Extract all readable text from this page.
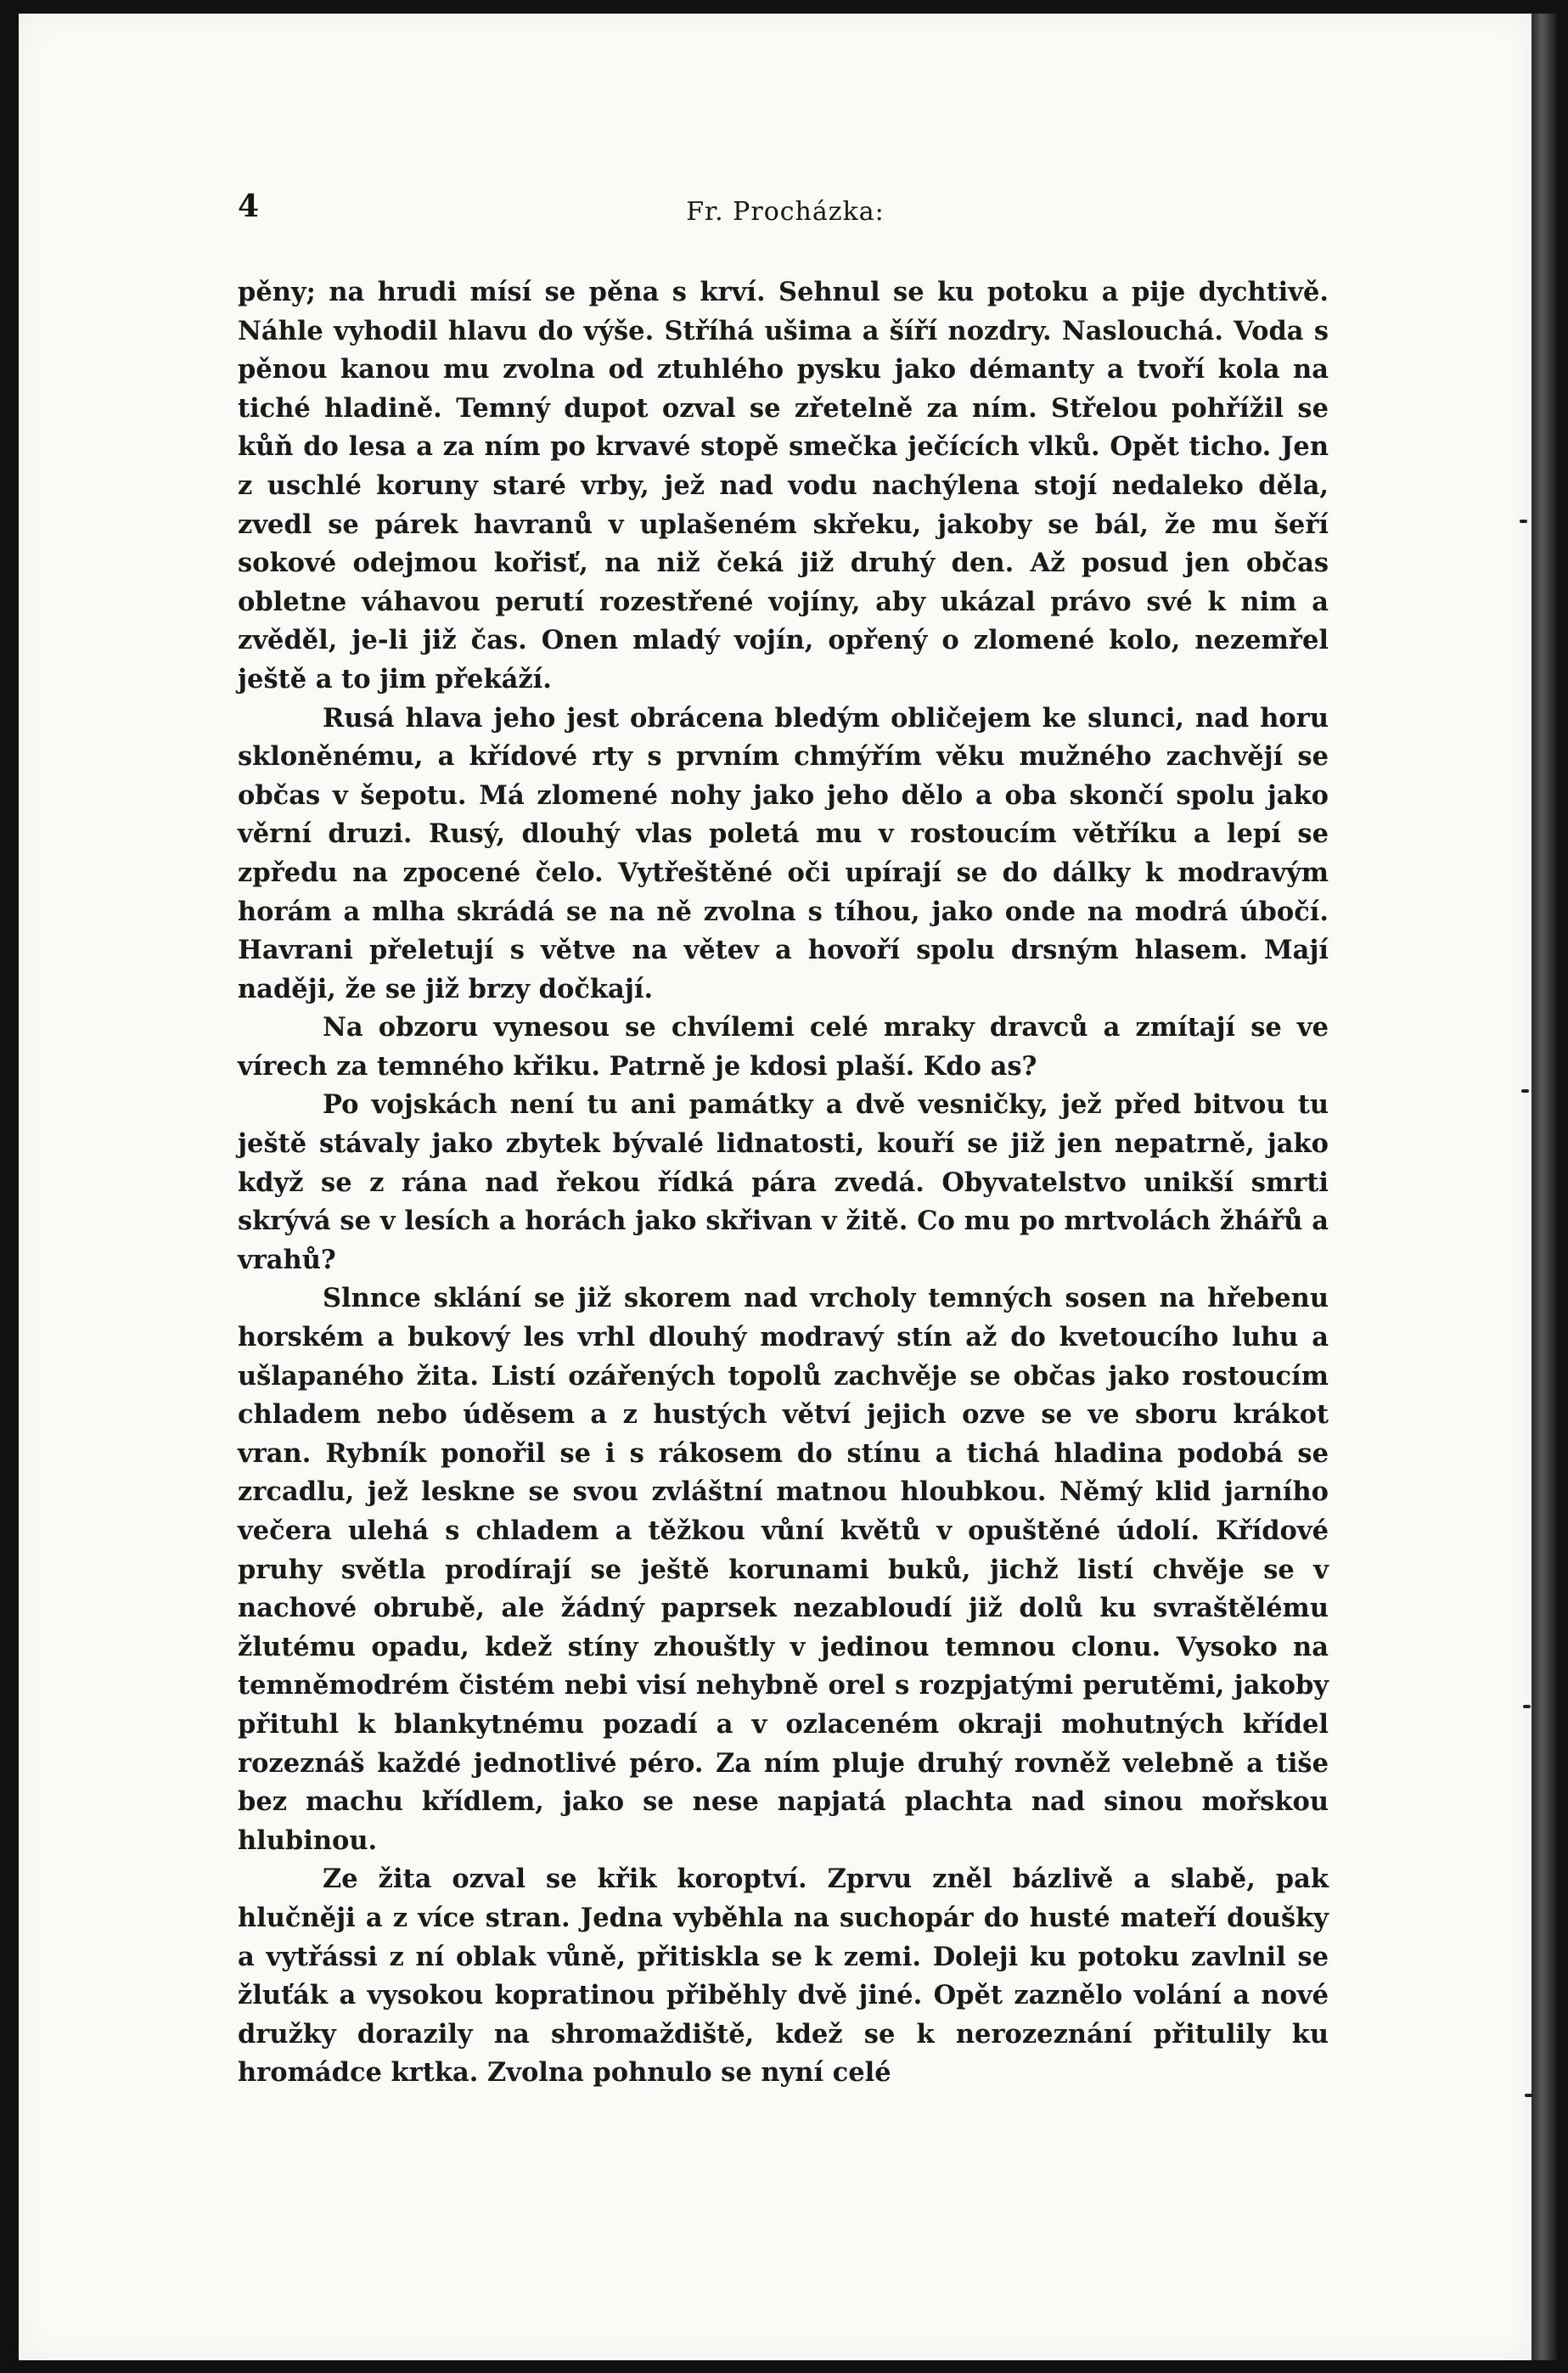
4	Fr. Procházka:

pěny; na hrudi mísí se pěna s krví. Sehnul se ku potoku a pije dychtivě. Náhle vyhodil hlavu do výše. Stříhá ušima a šíří nozdry. Naslouchá. Voda s pěnou kanou mu zvolna od ztuhlého pysku jako démanty a tvoří kola na tiché hladině. Temný dupot ozval se zřetelně za ním. Střelou pohřížil se kůň do lesa a za ním po krvavé stopě smečka ječících vlků. Opět ticho. Jen z uschlé koruny staré vrby, jež nad vodu nachýlena stojí nedaleko děla, zvedl se párek havranů v uplašeném skřeku, jakoby se bál, že mu šeří sokové odejmou kořisť, na niž čeká již druhý den. Až posud jen občas obletne váhavou perutí rozestřené vojíny, aby ukázal právo své k nim a zvěděl, je-li již čas. Onen mladý vojín, opřený o zlomené kolo, nezemřel ještě a to jim překáží.

Rusá hlava jeho jest obrácena bledým obličejem ke slunci, nad horu skloněnému, a křídové rty s prvním chmýřím věku mužného zachvějí se občas v šepotu. Má zlomené nohy jako jeho dělo a oba skončí spolu jako věrní druzi. Rusý, dlouhý vlas poletá mu v rostoucím větříku a lepí se zpředu na zpocené čelo. Vytřeštěné oči upírají se do dálky k modravým horám a mlha skrádá se na ně zvolna s tíhou, jako onde na modrá úbočí. Havrani přeletují s větve na větev a hovoří spolu drsným hlasem. Mají naději, že se již brzy dočkají.

Na obzoru vynesou se chvílemi celé mraky dravců a zmítají se ve vírech za temného křiku. Patrně je kdosi plaší. Kdo as?

Po vojskách není tu ani památky a dvě vesničky, jež před bitvou tu ještě stávaly jako zbytek bývalé lidnatosti, kouří se již jen nepatrně, jako když se z rána nad řekou řídká pára zvedá. Obyvatelstvo unikší smrti skrývá se v lesích a horách jako skřivan v žitě. Co mu po mrtvolách žhářů a vrahů?

Slnnce sklání se již skorem nad vrcholy temných sosen na hřebenu horském a bukový les vrhl dlouhý modravý stín až do kvetoucího luhu a ušlapaného žita. Listí ozářených topolů zachvěje se občas jako rostoucím chladem nebo úděsem a z hustých větví jejich ozve se ve sboru krákot vran. Rybník ponořil se i s rákosem do stínu a tichá hladina podobá se zrcadlu, jež leskne se svou zvláštní matnou hloubkou. Němý klid jarního večera ulehá s chladem a těžkou vůní květů v opuštěné údolí. Křídové pruhy světla prodírají se ještě korunami buků, jichž listí chvěje se v nachové obrubě, ale žádný paprsek nezabloudí již dolů ku svraštělému žlutému opadu, kdež stíny zhouštly v jedinou temnou clonu. Vysoko na temněmodrém čistém nebi visí nehybně orel s rozpjatými perutěmi, jakoby přituhl k blankytnému pozadí a v ozlaceném okraji mohutných křídel rozeznáš každé jednotlivé péro. Za ním pluje druhý rovněž velebně a tiše bez machu křídlem, jako se nese napjatá plachta nad sinou mořskou hlubinou.

Ze žita ozval se křik koroptví. Zprvu zněl bázlivě a slabě, pak hlučněji a z více stran. Jedna vyběhla na suchopár do husté mateří doušky a vytřássi z ní oblak vůně, přitiskla se k zemi. Doleji ku potoku zavlnil se žluťák a vysokou kopratinou přiběhly dvě jiné. Opět zaznělo volání a nové družky dorazily na shromaždiště, kdež se k nerozeznání přitulily ku hromádce krtka. Zvolna pohnulo se nyní celé
